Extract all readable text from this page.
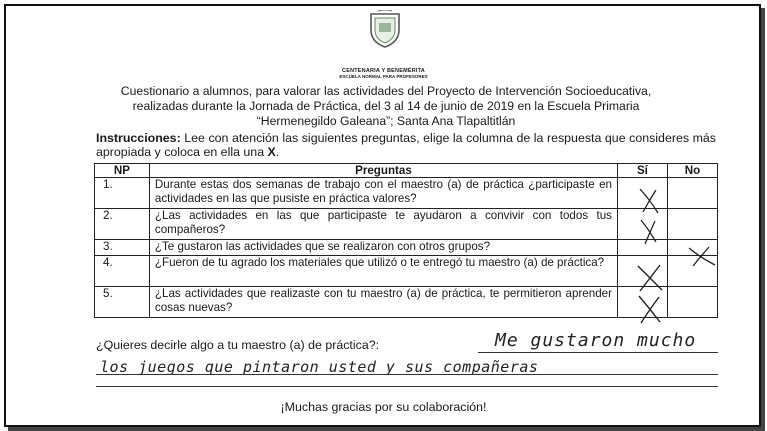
CENTENARIA Y BENEMÉRITA
ESCUELA NORMAL PARA PROFESORES
Cuestionario a alumnos, para valorar las actividades del Proyecto de Intervención Socioeducativa, realizadas durante la Jornada de Práctica, del 3 al 14 de junio de 2019 en la Escuela Primaria “Hermenegildo Galeana”; Santa Ana Tlapaltitlán
Instrucciones: Lee con atención las siguientes preguntas, elige la columna de la respuesta que consideres más apropiada y coloca en ella una X.
NP	Preguntas	Sí	No
1.	Durante estas dos semanas de trabajo con el maestro (a) de práctica ¿participaste en actividades en las que pusiste en práctica valores?		
2.	¿Las actividades en las que participaste te ayudaron a convivir con todos tus compañeros?		
3.	¿Te gustaron las actividades que se realizaron con otros grupos?		
4.	¿Fueron de tu agrado los materiales que utilizó o te entregó tu maestro (a) de práctica?		
5.	¿Las actividades que realizaste con tu maestro (a) de práctica, te permitieron aprender cosas nuevas?		
¿Quieres decirle algo a tu maestro (a) de práctica?:	Me gustaron mucho
los juegos que pintaron usted y sus compañeras
¡Muchas gracias por su colaboración!
